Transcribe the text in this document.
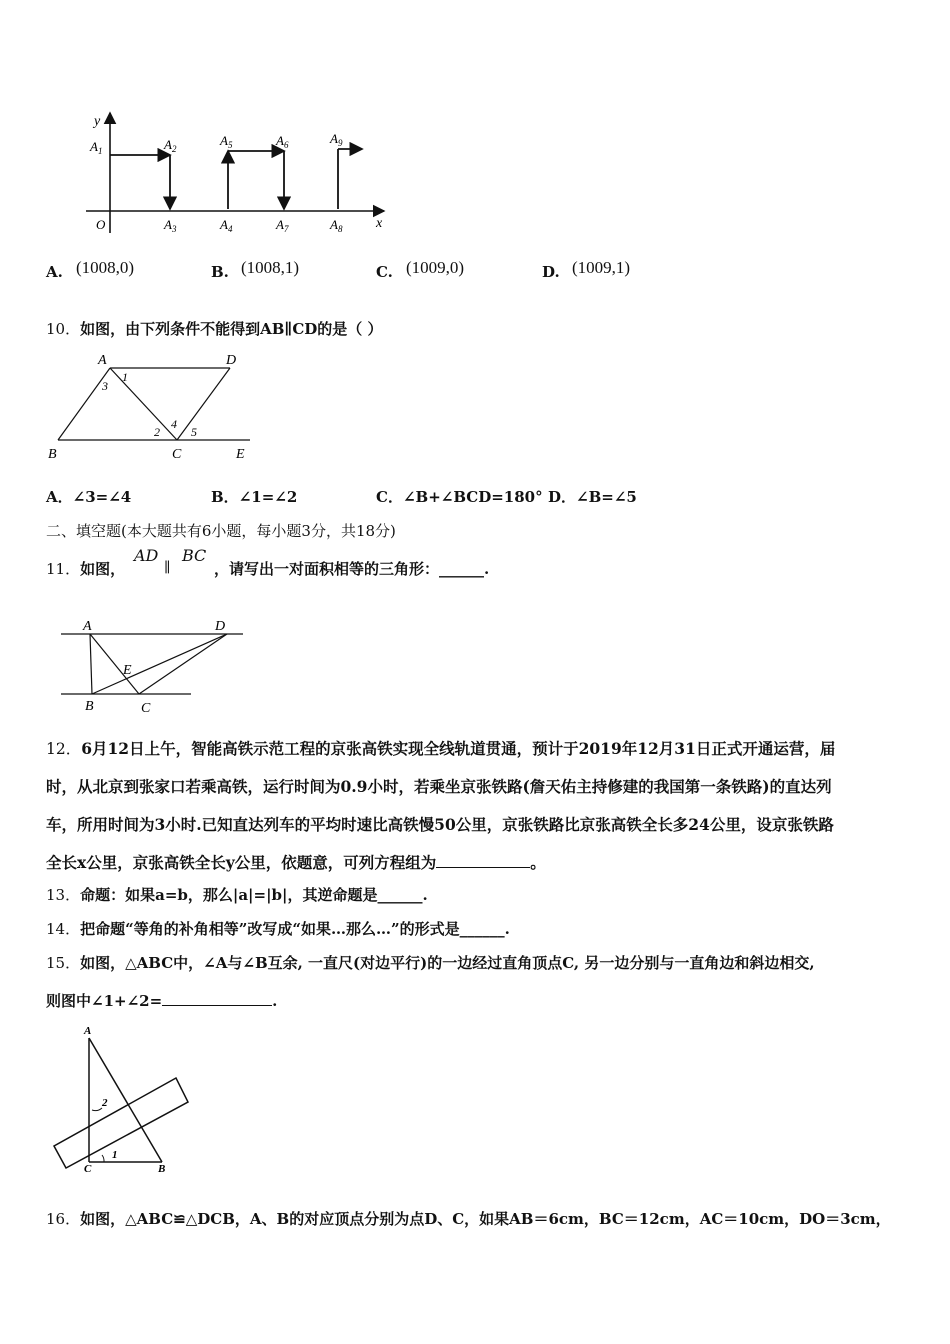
y
x
O
$A_1$	$A_2$
$A_3$	$A_4$
$A_5$	$A_6$
$A_7$	$A_8$
$A_9$
A. (1008,0)	B. (1008,1)	C. (1009,0)	D. (1009,1)
10．如图，由下列条件不能得到AB∥CD的是（ ）
A	D
B	C	E
1
2
3
4
5
A．∠3=∠4	B．∠1=∠2	C．∠B+∠BCD=180° D．∠B=∠5
二、填空题(本大题共有6小题，每小题3分，共18分)
11．如图，
AD
∥
BC
，请写出一对面积相等的三角形：______.
A	D
E
B	C
12．6月12日上午，智能高铁示范工程的京张高铁实现全线轨道贯通，预计于2019年12月31日正式开通运营，届
时，从北京到张家口若乘高铁，运行时间为0.9小时，若乘坐京张铁路(詹天佑主持修建的我国第一条铁路)的直达列
车，所用时间为3小时.已知直达列车的平均时速比高铁慢50公里，京张铁路比京张高铁全长多24公里，设京张铁路
全长x公里，京张高铁全长y公里，依题意，可列方程组为	。
13．命题：如果a=b，那么|a|=|b|，其逆命题是______.
14．把命题“等角的补角相等”改写成“如果…那么…”的形式是______.
15．如图，△ABC中，∠A与∠B互余, 一直尺(对边平行)的一边经过直角顶点C, 另一边分别与一直角边和斜边相交,
则图中∠1+∠2=	.
A
C	B
1
2
16．如图，△ABC≌△DCB，A、B的对应顶点分别为点D、C，如果AB＝6cm，BC＝12cm，AC＝10cm，DO＝3cm，
